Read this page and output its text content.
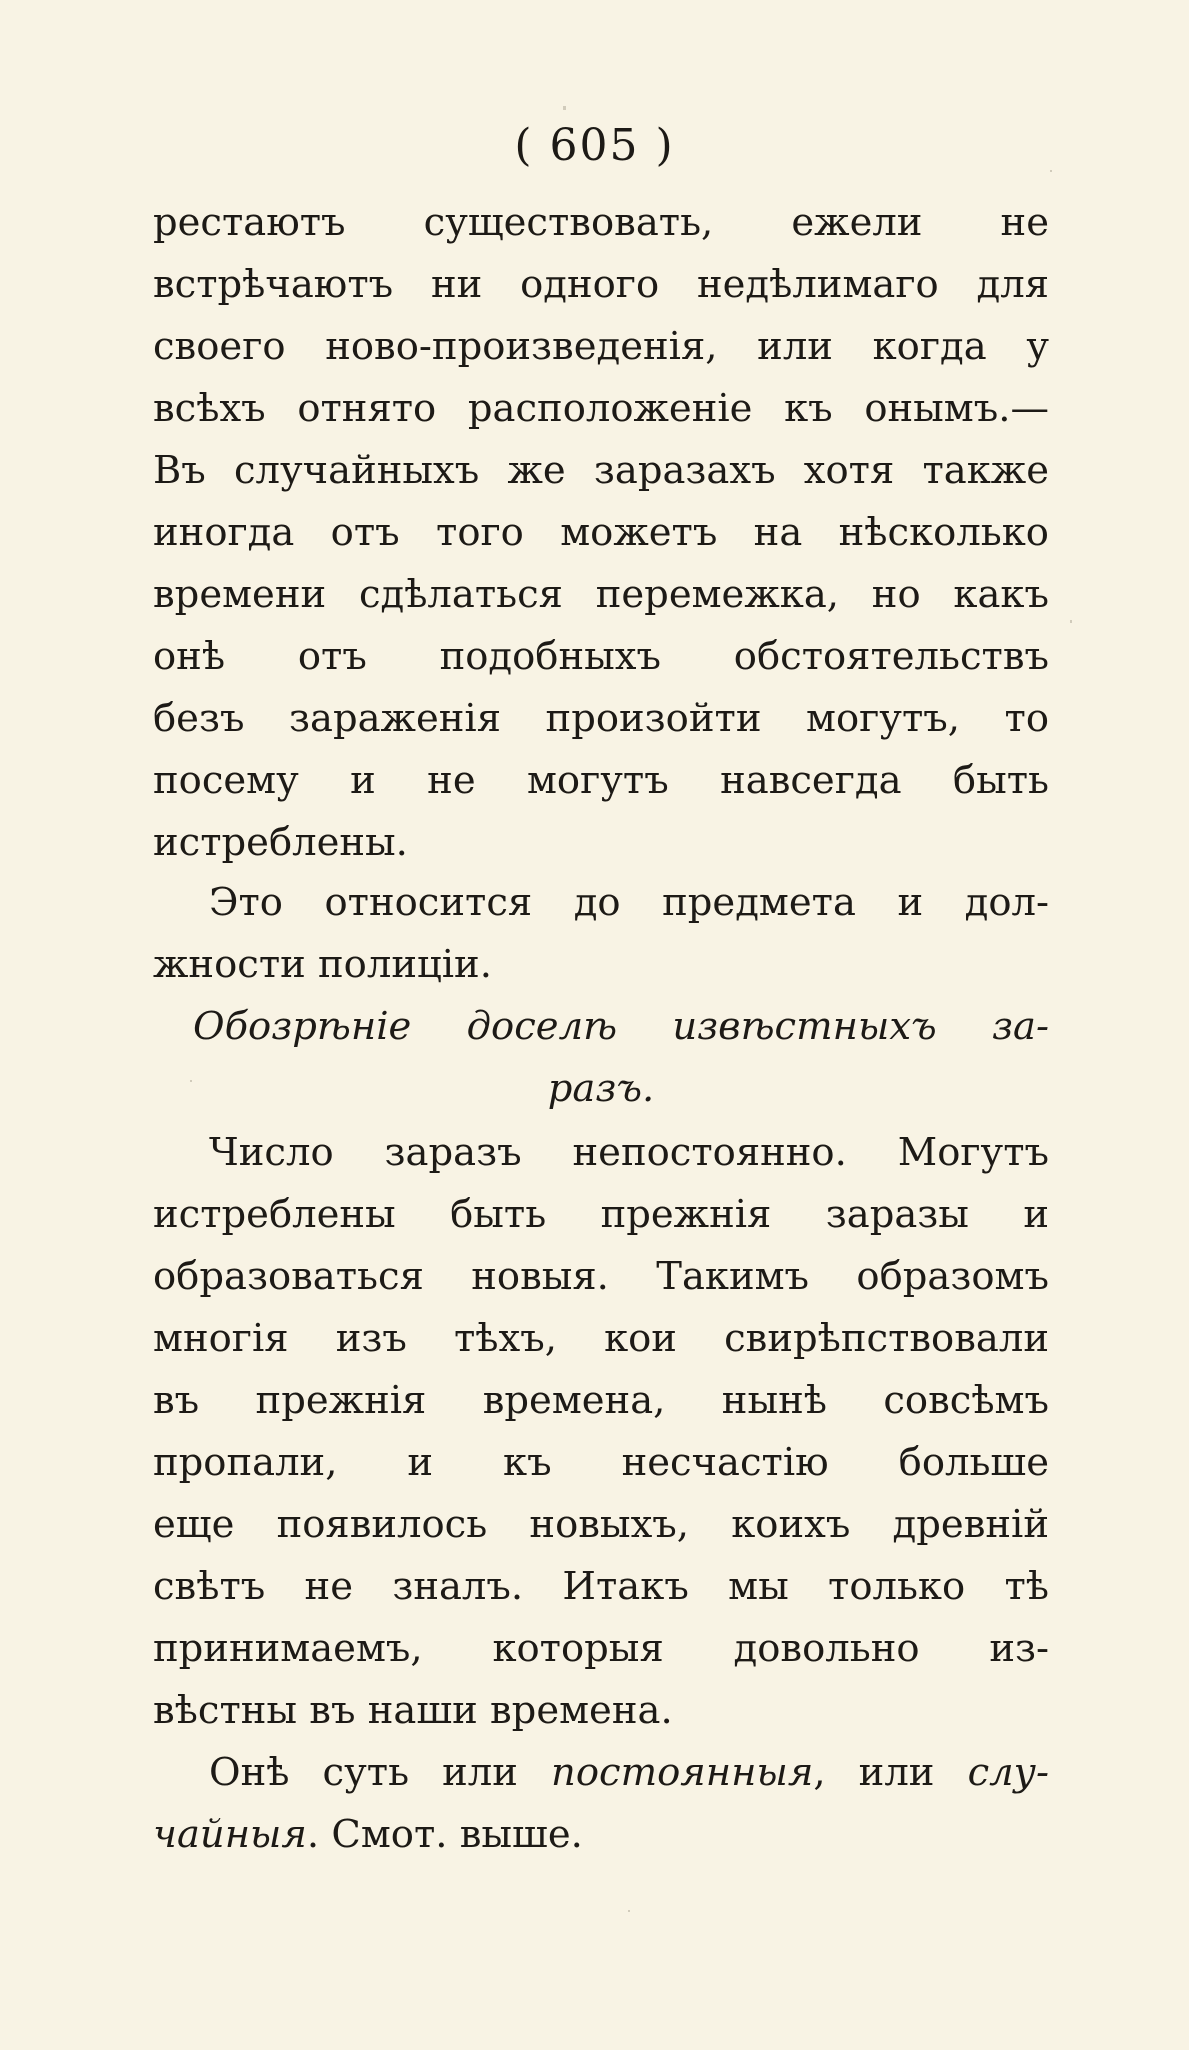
( 605 )
рестаютъ существовать, ежели не
встрѣчаютъ ни одного недѣлимаго для
своего ново-произведенія, или когда у
всѣхъ отнято расположеніе къ онымъ.—
Въ случайныхъ же заразахъ хотя также
иногда отъ того можетъ на нѣсколько
времени сдѣлаться перемежка, но какъ
онѣ отъ подобныхъ обстоятельствъ
безъ зараженія произойти могутъ, то
посему и не могутъ навсегда быть
истреблены.
Это относится до предмета и дол-
жности полиціи.
Обозрѣніе доселѣ извѣстныхъ за-
разъ.
Число заразъ непостоянно. Могутъ
истреблены быть прежнія заразы и
образоваться новыя. Такимъ образомъ
многія изъ тѣхъ, кои свирѣпствовали
въ прежнія времена, нынѣ совсѣмъ
пропали, и къ несчастію больше
еще появилось новыхъ, коихъ древній
свѣтъ не зналъ. Итакъ мы только тѣ
принимаемъ, которыя довольно из-
вѣстны въ наши времена.
Онѣ суть или постоянныя, или слу-
чайныя. Смот. выше.
